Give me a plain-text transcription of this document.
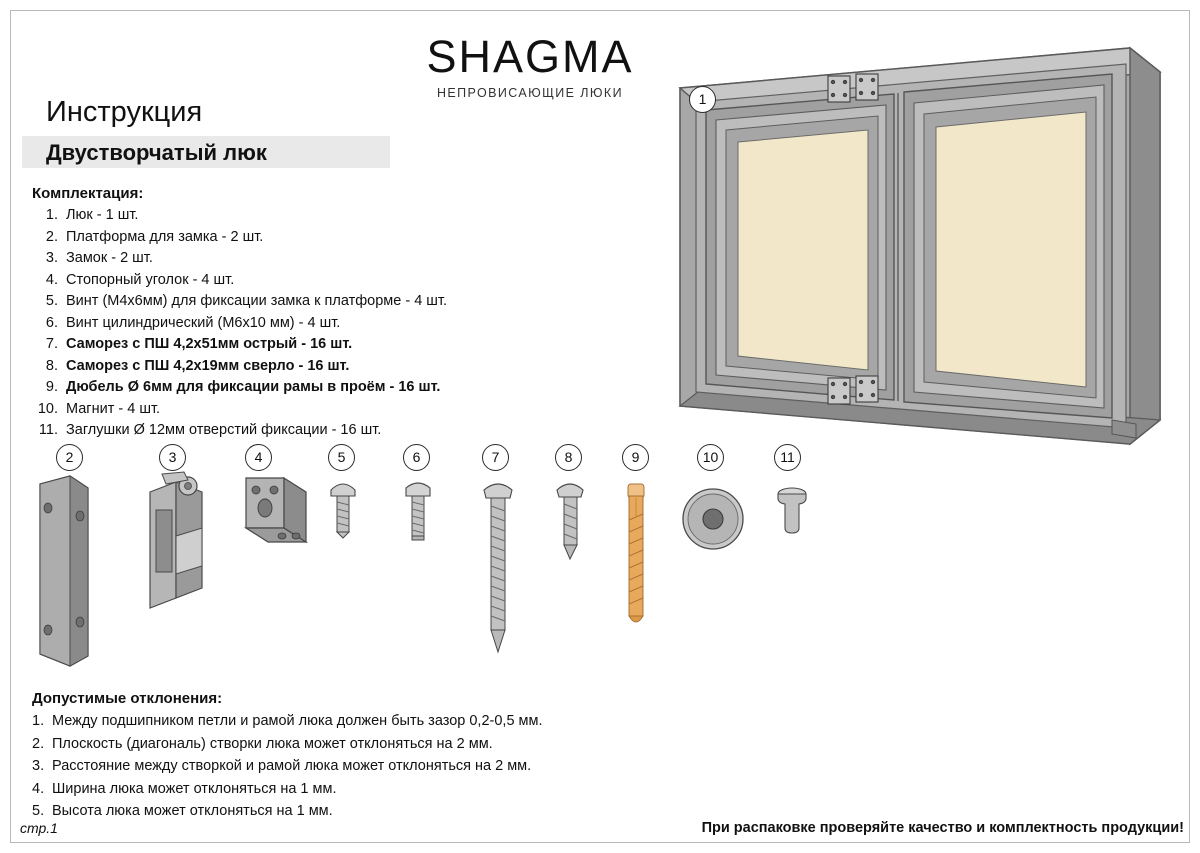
SHAGMA
НЕПРОВИСАЮЩИЕ ЛЮКИ
Инструкция
Двустворчатый люк
Комплектация:
1. Люк - 1 шт.
2. Платформа для замка - 2 шт.
3. Замок - 2 шт.
4. Стопорный уголок - 4 шт.
5. Винт (М4х6мм) для фиксации замка к платформе - 4 шт.
6. Винт цилиндрический (М6х10 мм) - 4 шт.
7. Саморез с ПШ 4,2х51мм острый - 16 шт.
8. Саморез с ПШ 4,2х19мм сверло - 16 шт.
9. Дюбель Ø 6мм для фиксации рамы в проём - 16 шт.
10. Магнит - 4 шт.
11. Заглушки Ø 12мм отверстий фиксации - 16 шт.
Допустимые отклонения:
1. Между подшипником петли и рамой люка должен быть зазор 0,2-0,5 мм.
2. Плоскость (диагональ) створки люка может отклоняться на 2 мм.
3. Расстояние между створкой и рамой люка может отклоняться на 2 мм.
4. Ширина люка может отклоняться на 1 мм.
5. Высота люка может отклоняться на 1 мм.
стр.1	При распаковке проверяйте качество и комплектность продукции!
1
2	3	4	5	6	7	8	9	10	11
